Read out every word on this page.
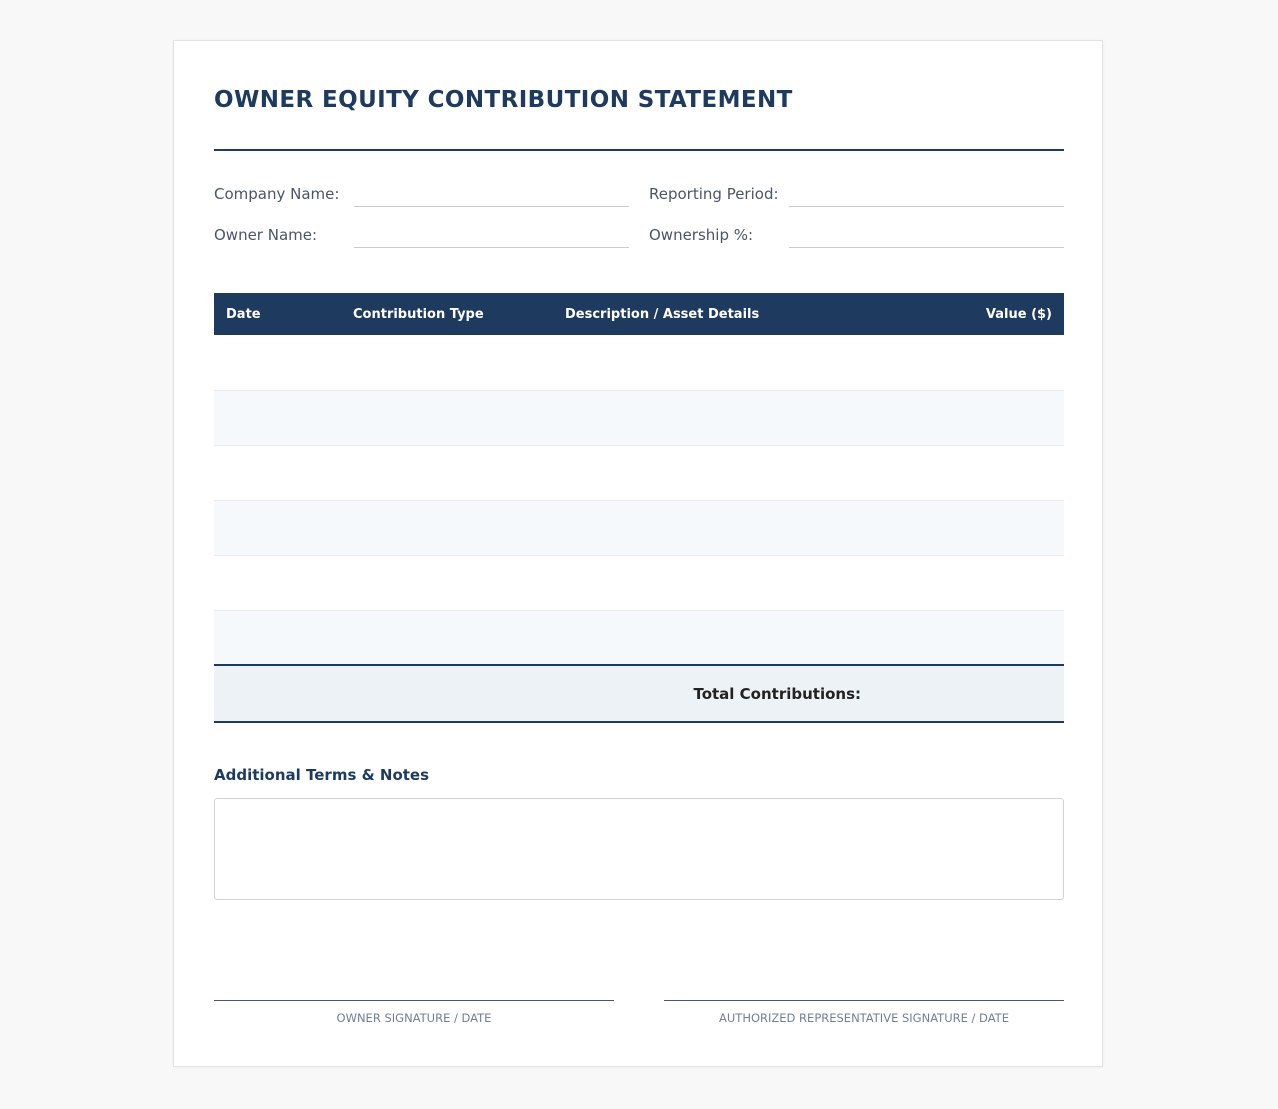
OWNER EQUITY CONTRIBUTION STATEMENT
Company Name:	Reporting Period:
Owner Name:	Ownership %:
Date	Contribution Type	Description / Asset Details	Value ($)

Total Contributions:			
Additional Terms & Notes
OWNER SIGNATURE / DATE	AUTHORIZED REPRESENTATIVE SIGNATURE / DATE
